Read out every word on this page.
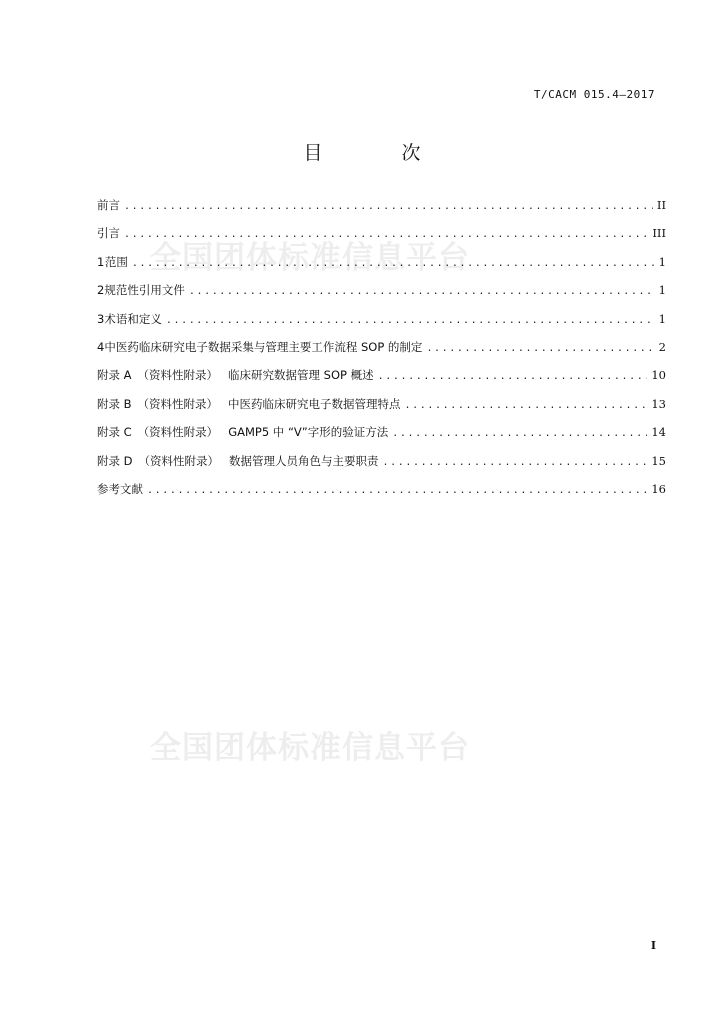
T/CACM 015.4—2017
目　次
全国团体标准信息平台
全国团体标准信息平台
前言 .....	II
引言 .....	III
1 范围 .....	1
2 规范性引用文件 .....	1
3 术语和定义 .....	1
4 中医药临床研究电子数据采集与管理主要工作流程 SOP 的制定 .....	2
附录 A （资料性附录） 临床研究数据管理 SOP 概述 .....	10
附录 B （资料性附录） 中医药临床研究电子数据管理特点 .....	13
附录 C （资料性附录） GAMP5 中 “V”字形的验证方法 .....	14
附录 D （资料性附录） 数据管理人员角色与主要职责 .....	15
参考文献 .....	16
I
